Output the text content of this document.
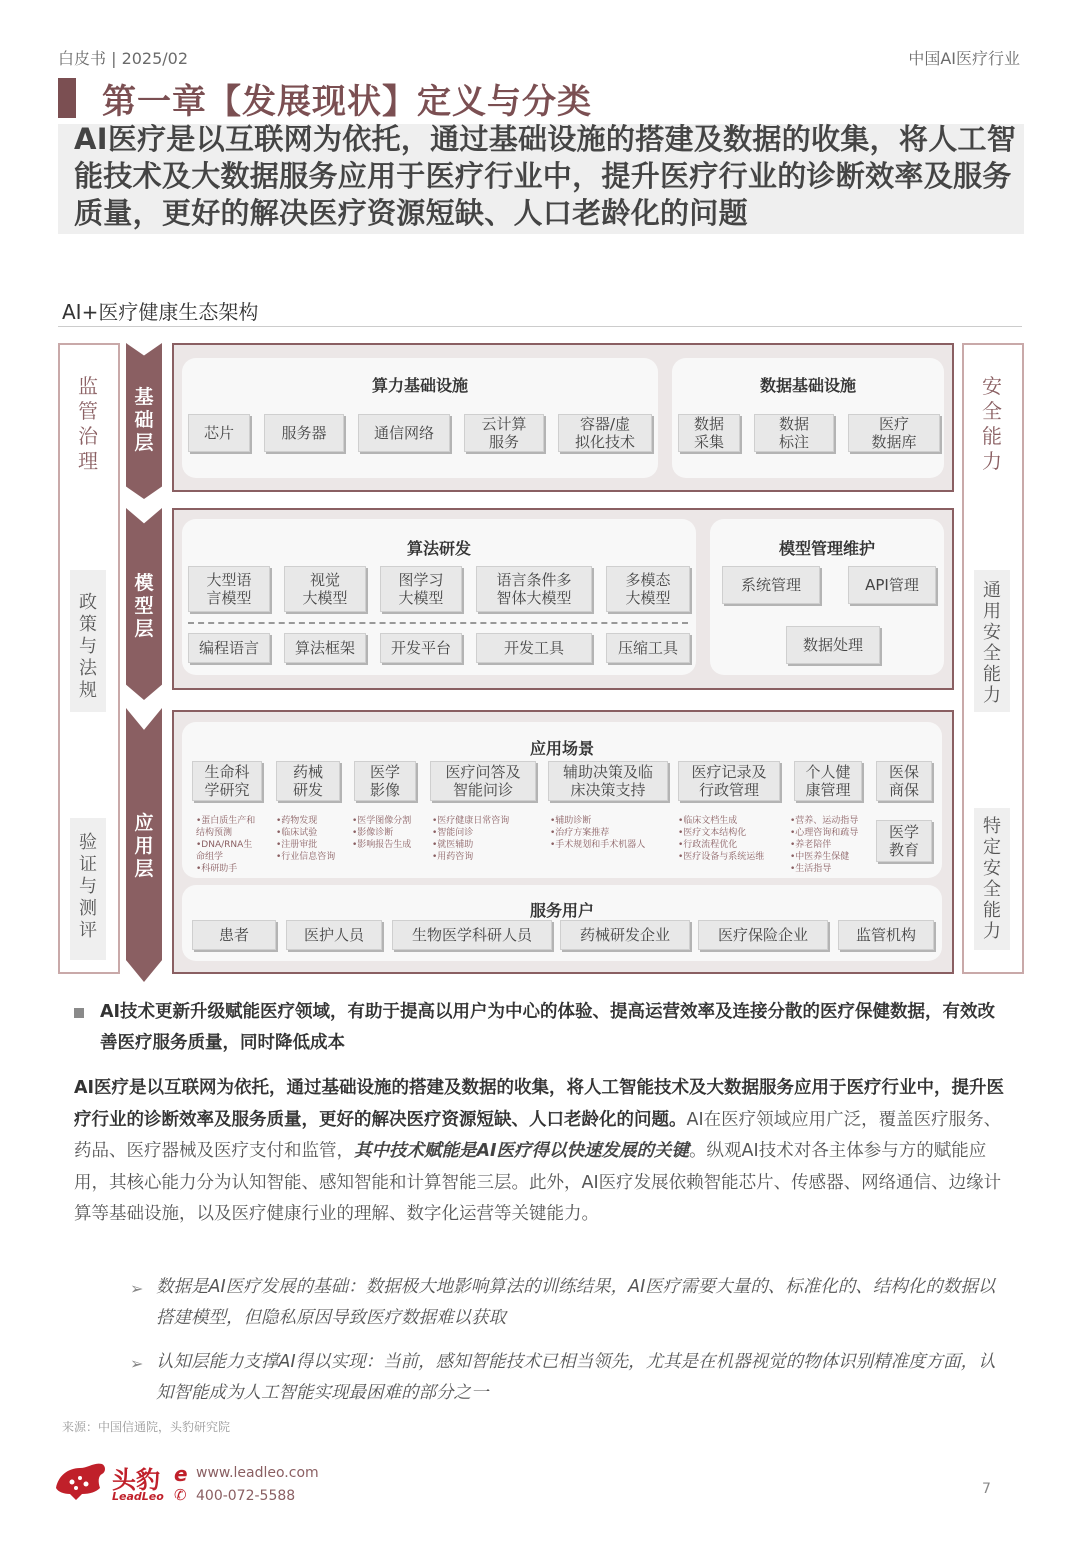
白皮书 | 2025/02	中国AI医疗行业
第一章【发展现状】定义与分类
AI医疗是以互联网为依托，通过基础设施的搭建及数据的收集，将人工智能技术及大数据服务应用于医疗行业中，提升医疗行业的诊断效率及服务质量，更好的解决医疗资源短缺、人口老龄化的问题
AI+医疗健康生态架构
监管治理
政策与法规
验证与测评
安全能力
通用安全能力
特定安全能力
基础层
模型层
应用层
算力基础设施
芯片	服务器	通信网络	云计算
服务
容器/虚
拟化技术
数据基础设施
数据
采集
数据
标注
医疗
数据库
算法研发
大型语
言模型
视觉
大模型
图学习
大模型
语言条件多
智体大模型
多模态
大模型
编程语言	算法框架	开发平台	开发工具	压缩工具
模型管理维护
系统管理	API管理
数据处理
应用场景
生命科
学研究
药械
研发
医学
影像
医疗问答及
智能问诊
辅助决策及临
床决策支持
医疗记录及
行政管理
个人健
康管理
医保
商保
医学
教育
•蛋白质生产和
结构预测
•DNA/RNA生
命组学
•科研助手
•药物发现
•临床试验
•注册审批
•行业信息咨询
•医学图像分割
•影像诊断
•影响报告生成
•医疗健康日常咨询
•智能问诊
•就医辅助
•用药咨询
•辅助诊断
•治疗方案推荐
•手术规划和手术机器人
•临床文档生成
•医疗文本结构化
•行政流程优化
•医疗设备与系统运维
•营养、运动指导
•心理咨询和疏导
•养老陪伴
•中医养生保健
•生活指导
服务用户
患者	医护人员	生物医学科研人员	药械研发企业	医疗保险企业	监管机构
AI技术更新升级赋能医疗领域，有助于提高以用户为中心的体验、提高运营效率及连接分散的医疗保健数据，有效改善医疗服务质量，同时降低成本
AI医疗是以互联网为依托，通过基础设施的搭建及数据的收集，将人工智能技术及大数据服务应用于医疗行业中，提升医疗行业的诊断效率及服务质量，更好的解决医疗资源短缺、人口老龄化的问题。AI在医疗领域应用广泛，覆盖医疗服务、药品、医疗器械及医疗支付和监管，其中技术赋能是AI医疗得以快速发展的关键。纵观AI技术对各主体参与方的赋能应用，其核心能力分为认知智能、感知智能和计算智能三层。此外，AI医疗发展依赖智能芯片、传感器、网络通信、边缘计算等基础设施，以及医疗健康行业的理解、数字化运营等关键能力。
➢ 数据是AI医疗发展的基础：数据极大地影响算法的训练结果，AI医疗需要大量的、标准化的、结构化的数据以搭建模型，但隐私原因导致医疗数据难以获取
➢ 认知层能力支撑AI得以实现：当前，感知智能技术已相当领先，尤其是在机器视觉的物体识别精准度方面，认知智能成为人工智能实现最困难的部分之一
来源：中国信通院，头豹研究院
头豹
LeadLeo
e www.leadleo.com
✆ 400-072-5588	7
